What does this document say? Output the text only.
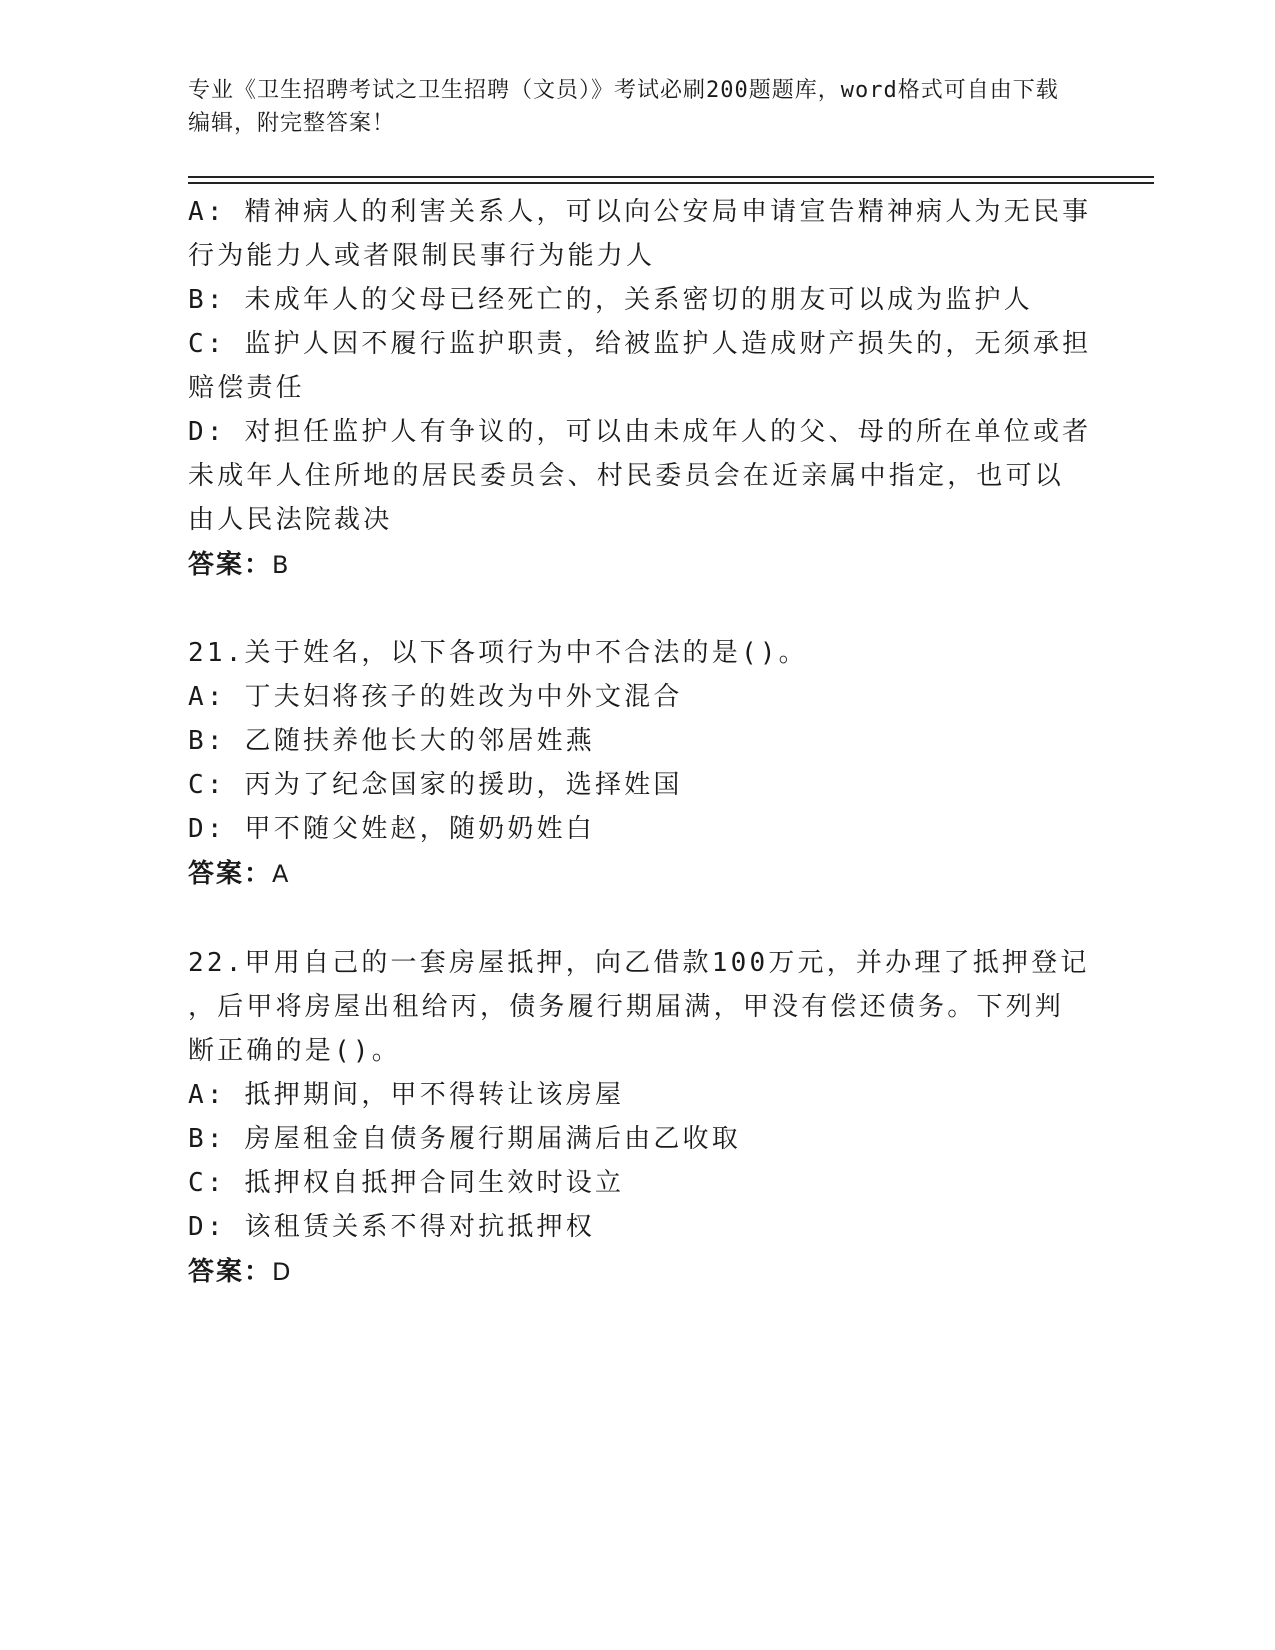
专业《卫生招聘考试之卫生招聘（文员）》考试必刷200题题库，word格式可自由下载编辑，附完整答案！

A: 精神病人的利害关系人，可以向公安局申请宣告精神病人为无民事

行为能力人或者限制民事行为能力人

B: 未成年人的父母已经死亡的，关系密切的朋友可以成为监护人

C: 监护人因不履行监护职责，给被监护人造成财产损失的，无须承担

赔偿责任

D: 对担任监护人有争议的，可以由未成年人的父、母的所在单位或者

未成年人住所地的居民委员会、村民委员会在近亲属中指定，也可以

由人民法院裁决

答案：B

21.关于姓名，以下各项行为中不合法的是()。

A: 丁夫妇将孩子的姓改为中外文混合

B: 乙随扶养他长大的邻居姓燕

C: 丙为了纪念国家的援助，选择姓国

D: 甲不随父姓赵，随奶奶姓白

答案：A

22.甲用自己的一套房屋抵押，向乙借款100万元，并办理了抵押登记

，后甲将房屋出租给丙，债务履行期届满，甲没有偿还债务。下列判

断正确的是()。

A: 抵押期间，甲不得转让该房屋

B: 房屋租金自债务履行期届满后由乙收取

C: 抵押权自抵押合同生效时设立

D: 该租赁关系不得对抗抵押权

答案：D
